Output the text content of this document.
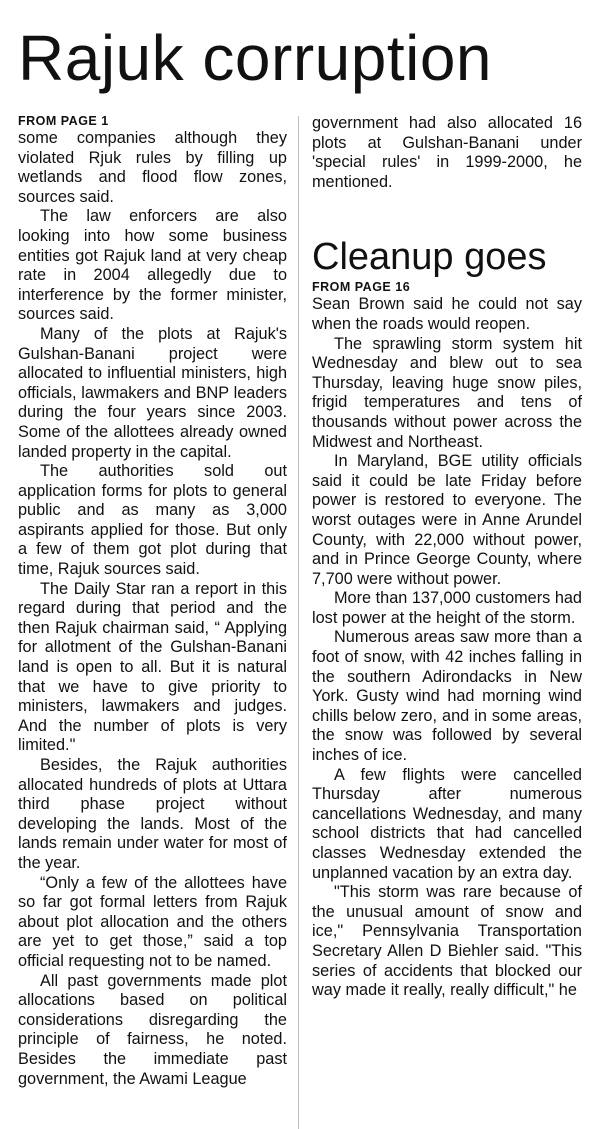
Rajuk corruption
FROM PAGE 1

some companies although they violated Rjuk rules by filling up wetlands and flood flow zones, sources said.

The law enforcers are also looking into how some business entities got Rajuk land at very cheap rate in 2004 allegedly due to interference by the former minister, sources said.

Many of the plots at Rajuk's Gulshan-Banani project were allocated to influential ministers, high officials, lawmakers and BNP leaders during the four years since 2003. Some of the allottees already owned landed property in the capital.

The authorities sold out application forms for plots to general public and as many as 3,000 aspirants applied for those. But only a few of them got plot during that time, Rajuk sources said.

The Daily Star ran a report in this regard during that period and the then Rajuk chairman said, “ Applying for allotment of the Gulshan-Banani land is open to all. But it is natural that we have to give priority to ministers, lawmakers and judges. And the number of plots is very limited."

Besides, the Rajuk authorities allocated hundreds of plots at Uttara third phase project without developing the lands. Most of the lands remain under water for most of the year.

“Only a few of the allottees have so far got formal letters from Rajuk about plot allocation and the others are yet to get those,” said a top official requesting not to be named.

All past governments made plot allocations based on political considerations disregarding the principle of fairness, he noted. Besides the immediate past government, the Awami League

government had also allocated 16 plots at Gulshan-Banani under 'special rules' in 1999-2000, he mentioned.

Cleanup goes
FROM PAGE 16

Sean Brown said he could not say when the roads would reopen.

The sprawling storm system hit Wednesday and blew out to sea Thursday, leaving huge snow piles, frigid temperatures and tens of thousands without power across the Midwest and Northeast.

In Maryland, BGE utility officials said it could be late Friday before power is restored to everyone. The worst outages were in Anne Arundel County, with 22,000 without power, and in Prince George County, where 7,700 were without power.

More than 137,000 customers had lost power at the height of the storm.

Numerous areas saw more than a foot of snow, with 42 inches falling in the southern Adirondacks in New York. Gusty wind had morning wind chills below zero, and in some areas, the snow was followed by several inches of ice.

A few flights were cancelled Thursday after numerous cancellations Wednesday, and many school districts that had cancelled classes Wednesday extended the unplanned vacation by an extra day.

"This storm was rare because of the unusual amount of snow and ice," Pennsylvania Transportation Secretary Allen D Biehler said. "This series of accidents that blocked our way made it really, really difficult," he
